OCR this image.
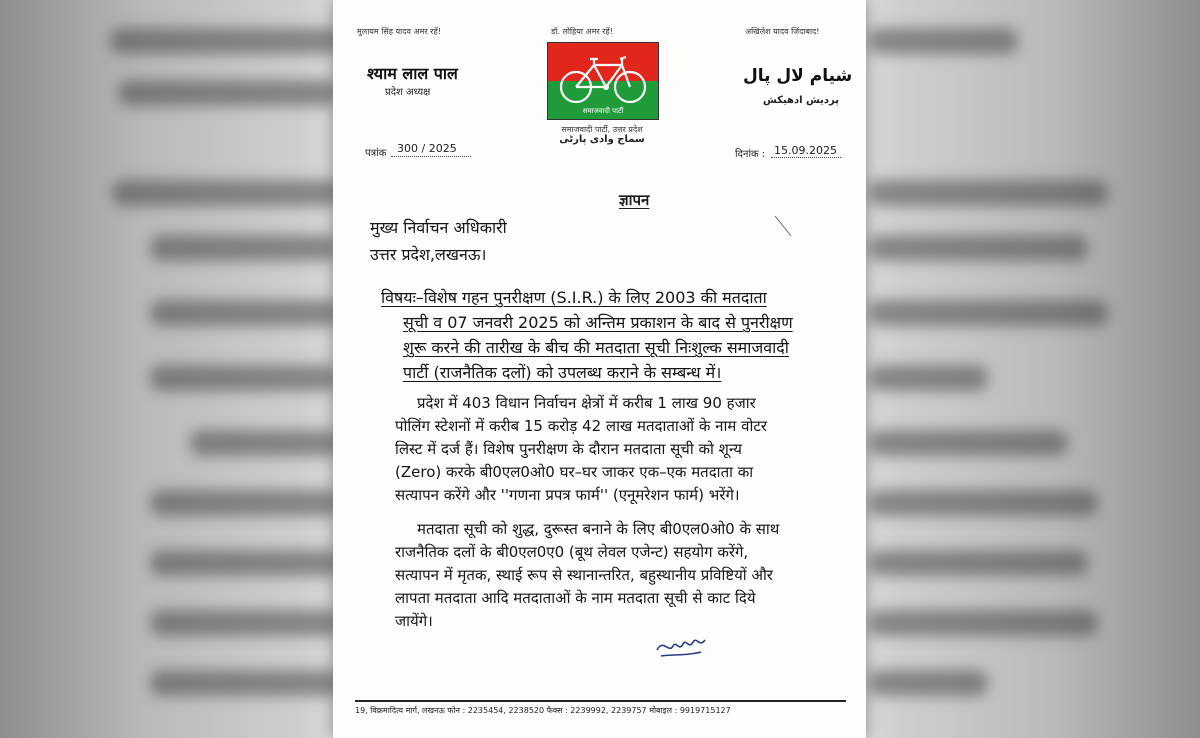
मुलायम सिंह यादव अमर रहें!	डॉ. लोहिया अमर रहें!	अखिलेश यादव जिंदाबाद!
श्याम लाल पाल
प्रदेश अध्यक्ष
شیام لال پال
پردیش ادھیکش
समाजवादी पार्टी
समाजवादी पार्टी, उत्तर प्रदेश
سماج وادی پارٹی
पत्रांक 300 / 2025	दिनांक : 15.09.2025
ज्ञापन
मुख्य निर्वाचन अधिकारी
उत्तर प्रदेश,लखनऊ।
विषयः–विशेष गहन पुनरीक्षण (S.I.R.) के लिए 2003 की मतदाता
सूची व 07 जनवरी 2025 को अन्तिम प्रकाशन के बाद से पुनरीक्षण
शुरू करने की तारीख के बीच की मतदाता सूची निःशुल्क समाजवादी
पार्टी (राजनैतिक दलों) को उपलब्ध कराने के सम्बन्ध में।
प्रदेश में 403 विधान निर्वाचन क्षेत्रों में करीब 1 लाख 90 हजार
पोलिंग स्टेशनों में करीब 15 करोड़ 42 लाख मतदाताओं के नाम वोटर
लिस्ट में दर्ज हैं। विशेष पुनरीक्षण के दौरान मतदाता सूची को शून्य
(Zero) करके बी0एल0ओ0 घर–घर जाकर एक–एक मतदाता का
सत्यापन करेंगे और ''गणना प्रपत्र फार्म'' (एनूमरेशन फार्म) भरेंगे।
मतदाता सूची को शुद्ध, दुरूस्त बनाने के लिए बी0एल0ओ0 के साथ
राजनैतिक दलों के बी0एल0ए0 (बूथ लेवल एजेन्ट) सहयोग करेंगे,
सत्यापन में मृतक, स्थाई रूप से स्थानान्तरित, बहुस्थानीय प्रविष्टियों और
लापता मतदाता आदि मतदाताओं के नाम मतदाता सूची से काट दिये
जायेंगे।
19, विक्रमादित्य मार्ग, लखनऊ फोन : 2235454, 2238520 फैक्स : 2239992, 2239757 मोबाइल : 9919715127
